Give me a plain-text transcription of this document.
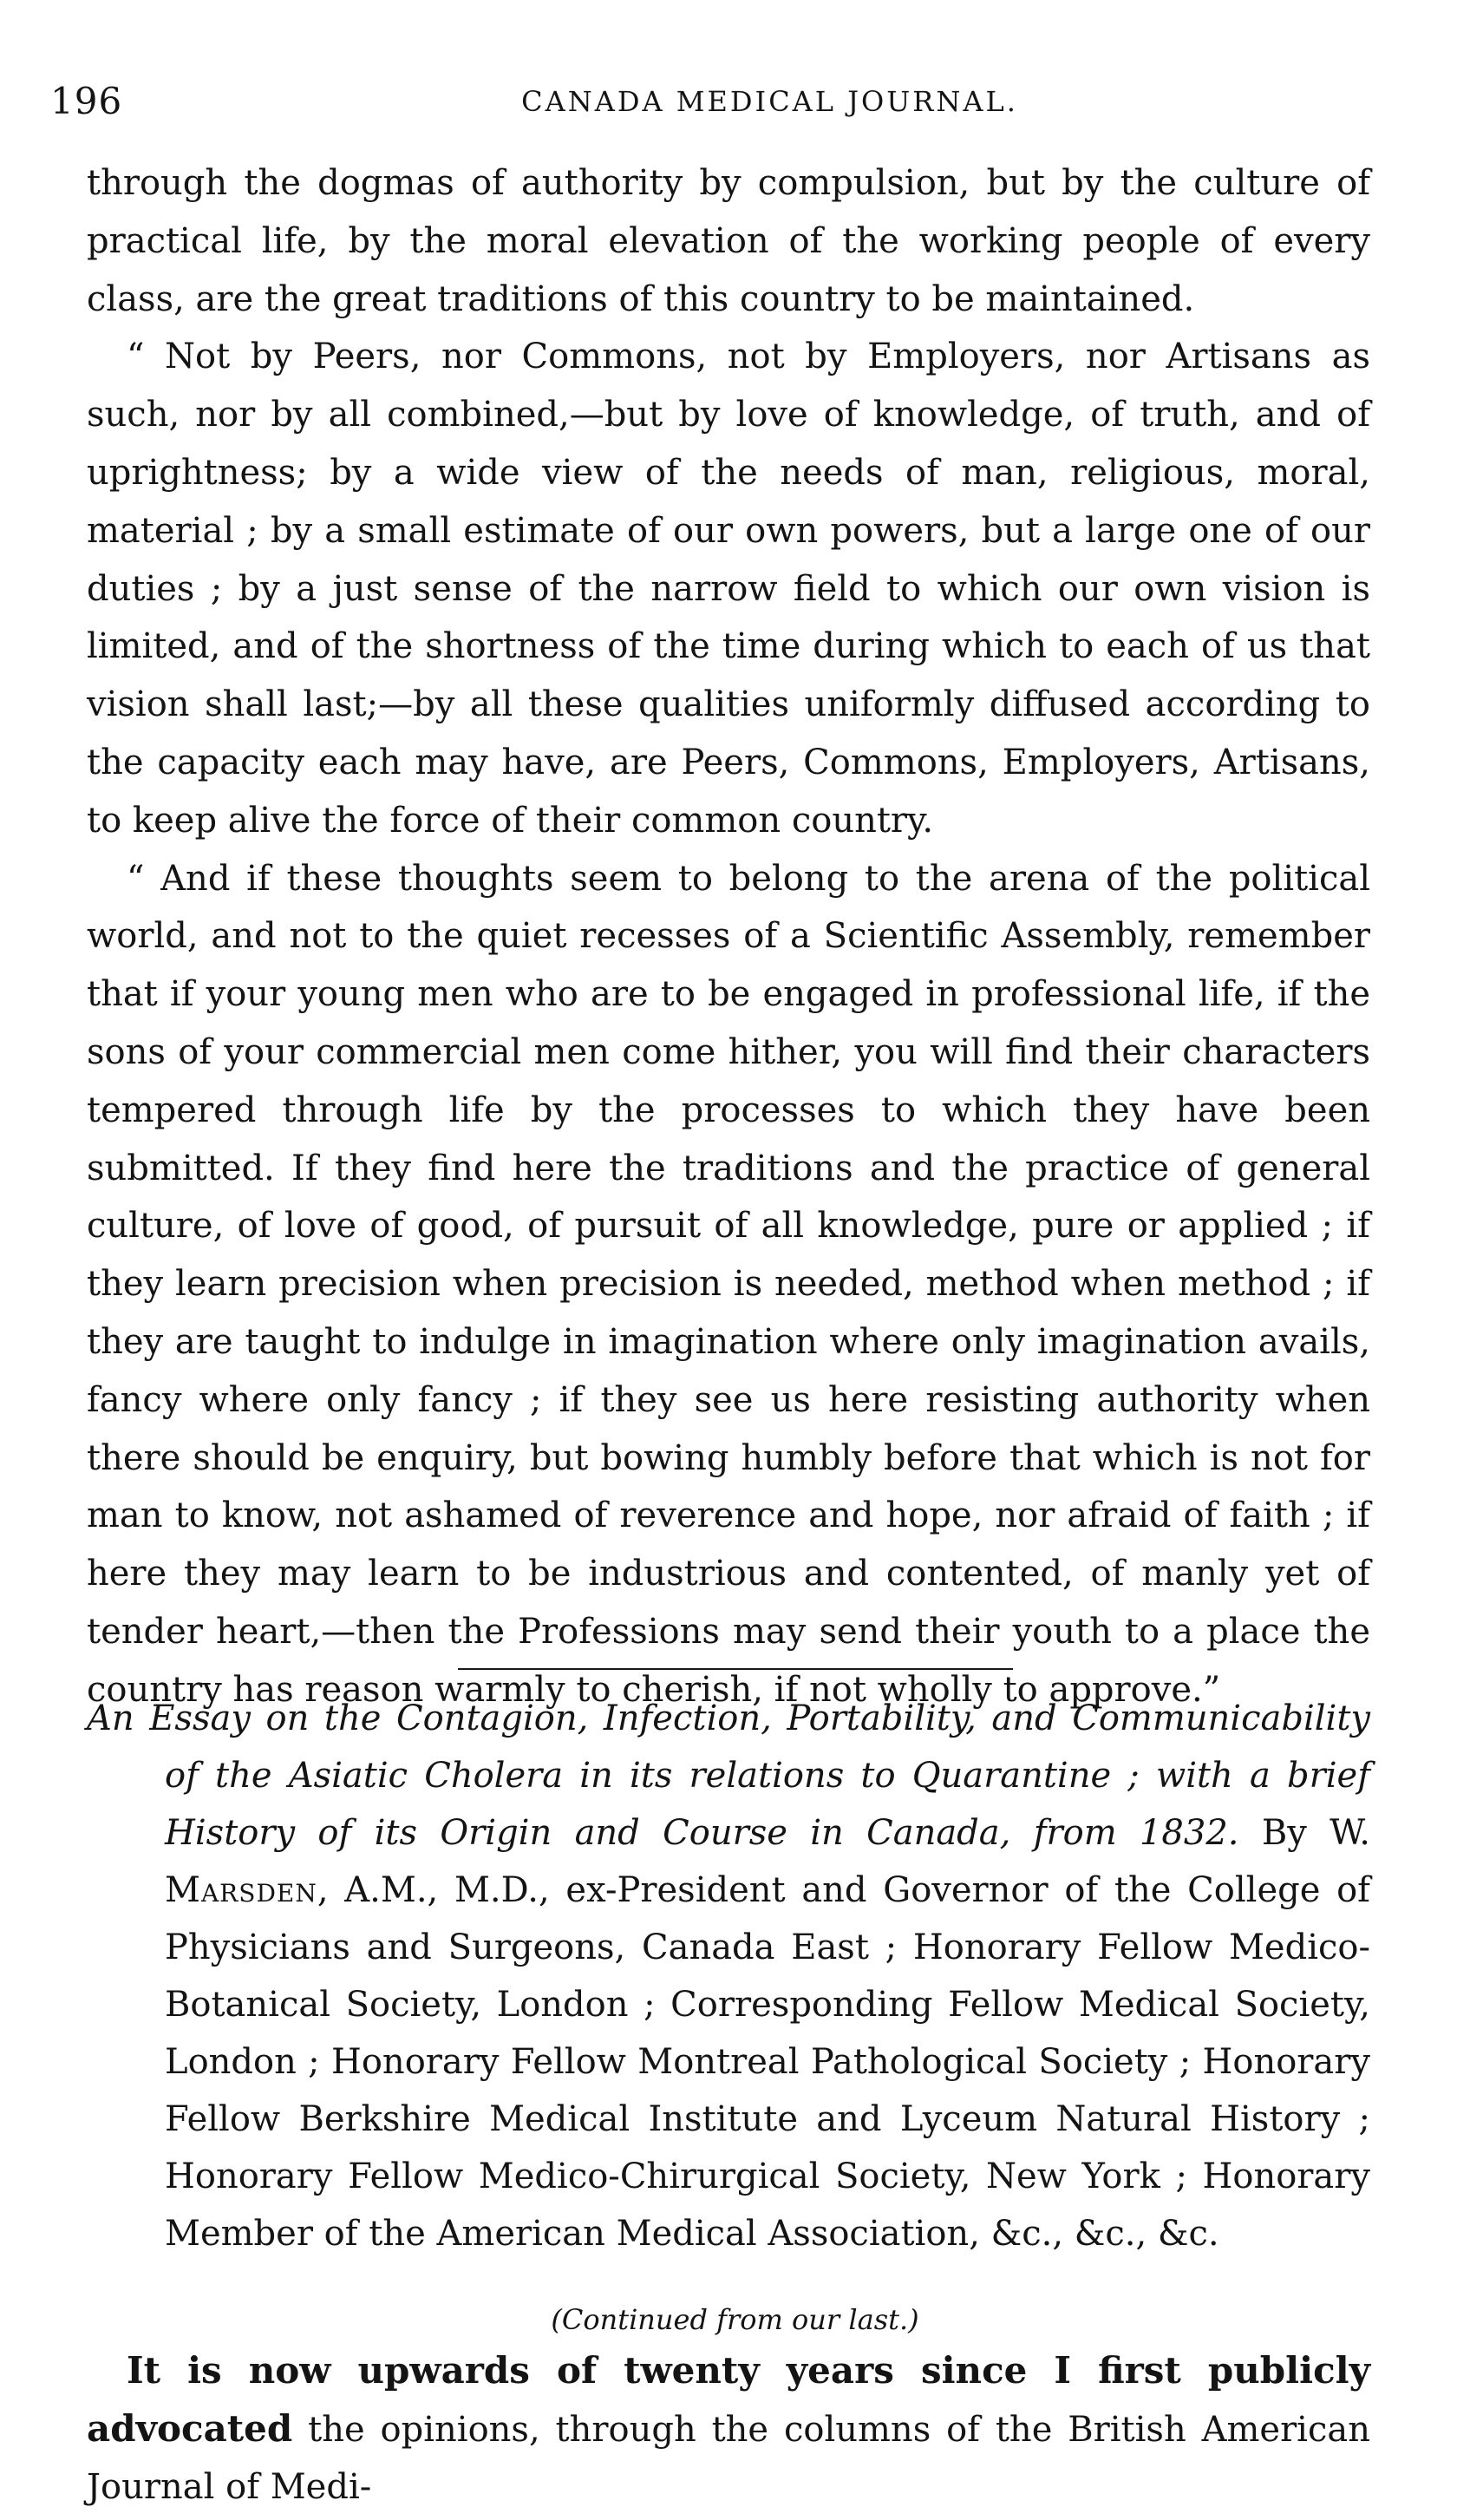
196	CANADA MEDICAL JOURNAL.

through the dogmas of authority by compulsion, but by the culture of practical life, by the moral elevation of the working people of every class, are the great traditions of this country to be maintained.

“ Not by Peers, nor Commons, not by Employers, nor Artisans as such, nor by all combined,—but by love of knowledge, of truth, and of uprightness; by a wide view of the needs of man, religious, moral, material ; by a small estimate of our own powers, but a large one of our duties ; by a just sense of the narrow field to which our own vision is limited, and of the shortness of the time during which to each of us that vision shall last;—by all these qualities uniformly diffused according to the capacity each may have, are Peers, Commons, Employers, Artisans, to keep alive the force of their common country.

“ And if these thoughts seem to belong to the arena of the political world, and not to the quiet recesses of a Scientific Assembly, remember that if your young men who are to be engaged in professional life, if the sons of your commercial men come hither, you will find their characters tempered through life by the processes to which they have been submitted. If they find here the traditions and the practice of general culture, of love of good, of pursuit of all knowledge, pure or applied ; if they learn precision when precision is needed, method when method ; if they are taught to indulge in imagination where only imagination avails, fancy where only fancy ; if they see us here resisting authority when there should be enquiry, but bowing humbly before that which is not for man to know, not ashamed of reverence and hope, nor afraid of faith ; if here they may learn to be industrious and contented, of manly yet of tender heart,—then the Professions may send their youth to a place the country has reason warmly to cherish, if not wholly to approve.”

An Essay on the Contagion, Infection, Portability, and Communicability of the Asiatic Cholera in its relations to Quarantine ; with a brief History of its Origin and Course in Canada, from 1832. By W. Marsden, A.M., M.D., ex-President and Governor of the College of Physicians and Surgeons, Canada East ; Honorary Fellow Medico-Botanical Society, London ; Corresponding Fellow Medical Society, London ; Honorary Fellow Montreal Pathological Society ; Honorary Fellow Berkshire Medical Institute and Lyceum Natural History ; Honorary Fellow Medico-Chirurgical Society, New York ; Honorary Member of the American Medical Association, &c., &c., &c.
(Continued from our last.)
It is now upwards of twenty years since I first publicly advocated the opinions, through the columns of the British American Journal of Medi-
